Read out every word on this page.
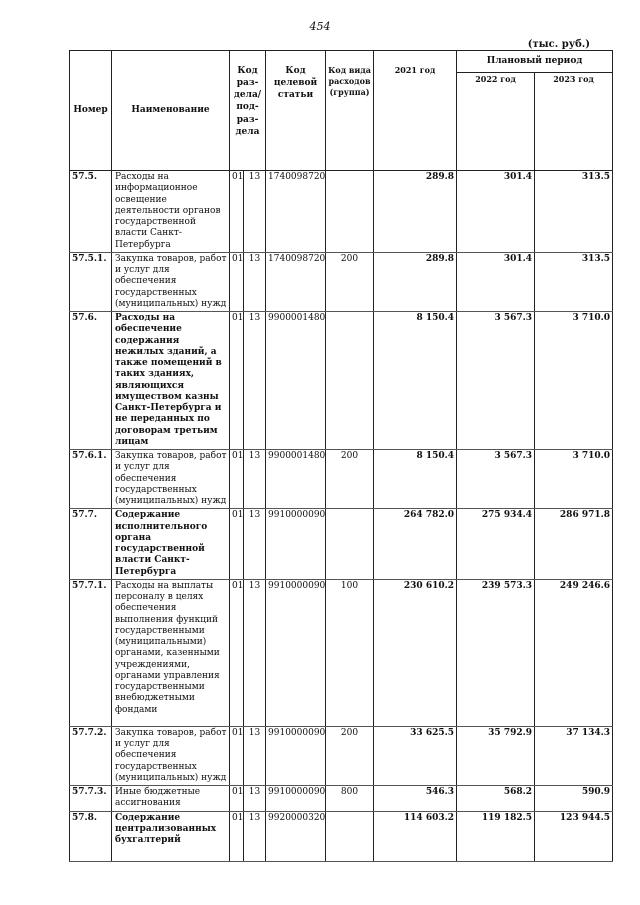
454
(тыс. руб.)
Номер	Наименование	Код раз-дела/ под-раз-дела		Код целевой статьи	Код вида расходов (группа)	2021 год	Плановый период	
							2022 год	2023 год
57.5.	Расходы на информационное освещение деятельности органов государственной власти Санкт-Петербурга	01	13	1740098720		289.8	301.4	313.5
57.5.1.	Закупка товаров, работ и услуг для обеспечения государственных (муниципальных) нужд	01	13	1740098720	200	289.8	301.4	313.5
57.6.	Расходы на обеспечение содержания нежилых зданий, а также помещений в таких зданиях, являющихся имуществом казны Санкт-Петербурга и не переданных по договорам третьим лицам	01	13	9900001480		8 150.4	3 567.3	3 710.0
57.6.1.	Закупка товаров, работ и услуг для обеспечения государственных (муниципальных) нужд	01	13	9900001480	200	8 150.4	3 567.3	3 710.0
57.7.	Содержание исполнительного органа государственной власти Санкт-Петербурга	01	13	9910000090		264 782.0	275 934.4	286 971.8
57.7.1.	Расходы на выплаты персоналу в целях обеспечения выполнения функций государственными (муниципальными) органами, казенными учреждениями, органами управления государственными внебюджетными фондами	01	13	9910000090	100	230 610.2	239 573.3	249 246.6
57.7.2.	Закупка товаров, работ и услуг для обеспечения государственных (муниципальных) нужд	01	13	9910000090	200	33 625.5	35 792.9	37 134.3
57.7.3.	Иные бюджетные ассигнования	01	13	9910000090	800	546.3	568.2	590.9
57.8.	Содержание централизованных бухгалтерий	01	13	9920000320		114 603.2	119 182.5	123 944.5
